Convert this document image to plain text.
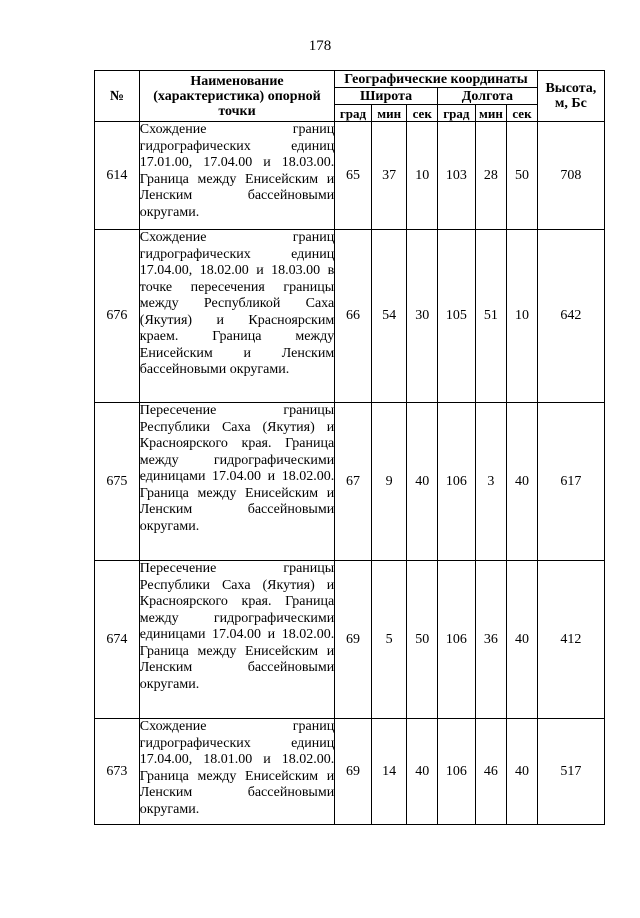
178
№	Наименование (характеристика) опорной точки	Географические координаты						Высота, м, Бс
		Широта			Долгота			
		град	мин	сек	град	мин	сек	
614	Схождение границ гидрографических единиц 17.01.00, 17.04.00 и 18.03.00. Граница между Енисейским и Ленским бассейновыми округами.	65	37	10	103	28	50	708
676	Схождение границ гидрографических единиц 17.04.00, 18.02.00 и 18.03.00 в точке пересечения границы между Республикой Саха (Якутия) и Красноярским краем. Граница между Енисейским и Ленским бассейновыми округами.	66	54	30	105	51	10	642
675	Пересечение границы Республики Саха (Якутия) и Красноярского края. Граница между гидрографическими единицами 17.04.00 и 18.02.00. Граница между Енисейским и Ленским бассейновыми округами.	67	9	40	106	3	40	617
674	Пересечение границы Республики Саха (Якутия) и Красноярского края. Граница между гидрографическими единицами 17.04.00 и 18.02.00. Граница между Енисейским и Ленским бассейновыми округами.	69	5	50	106	36	40	412
673	Схождение границ гидрографических единиц 17.04.00, 18.01.00 и 18.02.00. Граница между Енисейским и Ленским бассейновыми округами.	69	14	40	106	46	40	517
